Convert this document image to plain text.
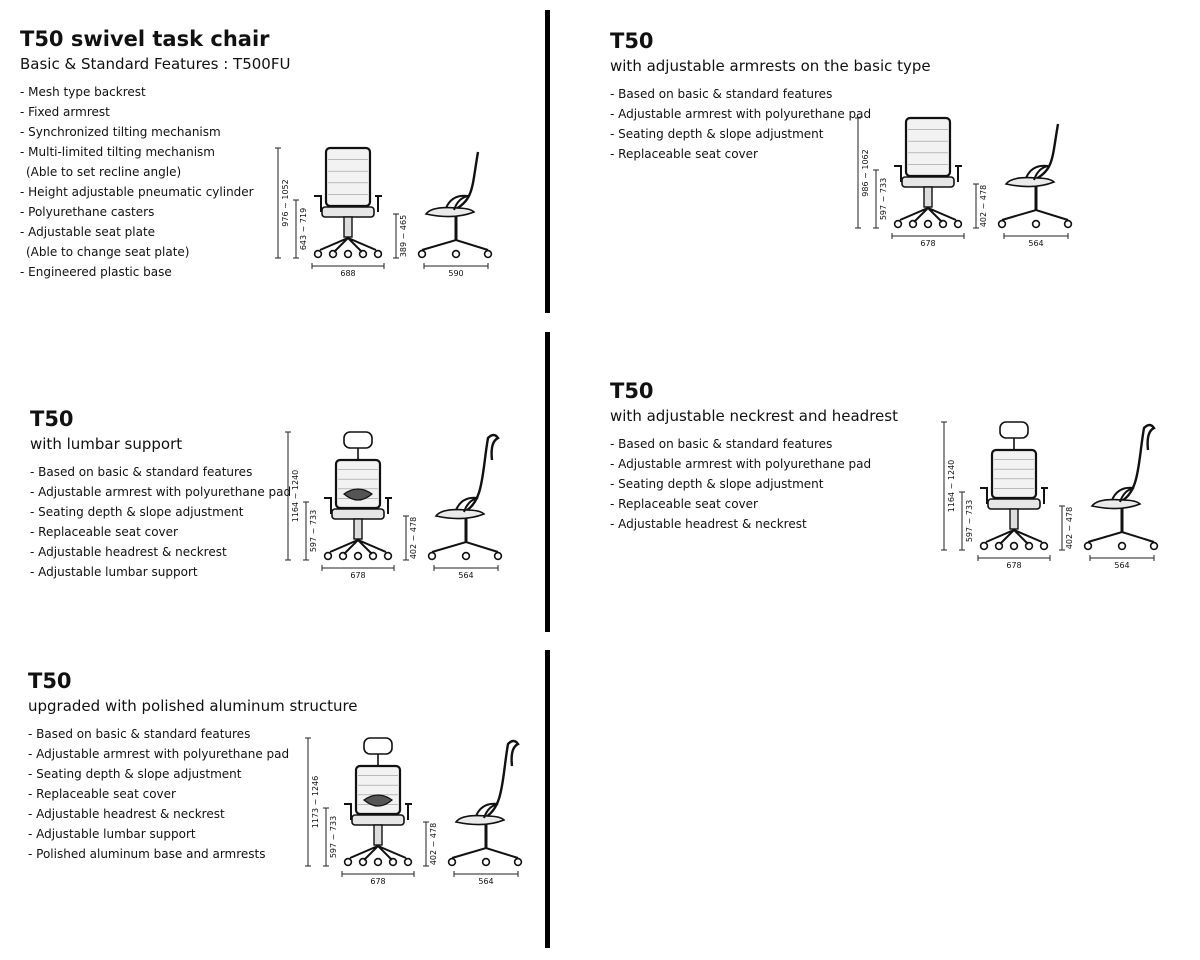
T50 swivel task chair
Basic & Standard Features : T500FU
- Mesh type backrest
- Fixed armrest
- Synchronized tilting mechanism
- Multi-limited tilting mechanism
(Able to set recline angle)
- Height adjustable pneumatic cylinder
- Polyurethane casters
- Adjustable seat plate
(Able to change seat plate)
- Engineered plastic base
T50
with adjustable armrests on the basic type
- Based on basic & standard features
- Adjustable armrest with polyurethane pad
- Seating depth & slope adjustment
- Replaceable seat cover
T50
with lumbar support
- Based on basic & standard features
- Adjustable armrest with polyurethane pad
- Seating depth & slope adjustment
- Replaceable seat cover
- Adjustable headrest & neckrest
- Adjustable lumbar support
T50
with adjustable neckrest and headrest
- Based on basic & standard features
- Adjustable armrest with polyurethane pad
- Seating depth & slope adjustment
- Replaceable seat cover
- Adjustable headrest & neckrest
T50
upgraded with polished aluminum structure
- Based on basic & standard features
- Adjustable armrest with polyurethane pad
- Seating depth & slope adjustment
- Replaceable seat cover
- Adjustable headrest & neckrest
- Adjustable lumbar support
- Polished aluminum base and armrests
976 ~ 1052
643 ~ 719	389 ~ 465
688	590
986 ~ 1062
597 ~ 733	402 ~ 478
678	564
1164 ~ 1240
597 ~ 733	402 ~ 478
678	564
1164 ~ 1240
597 ~ 733	402 ~ 478
678	564
1173 ~ 1246
597 ~ 733	402 ~ 478
678	564
